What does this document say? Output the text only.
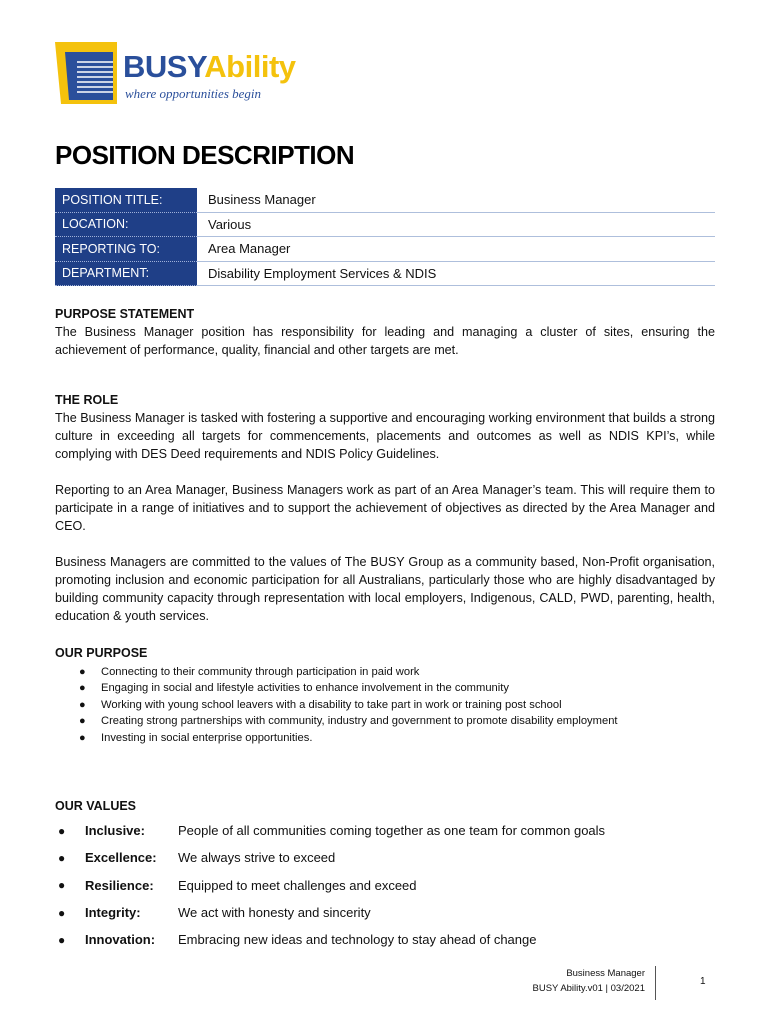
BUSYAbility
where opportunities begin
POSITION DESCRIPTION
POSITION TITLE:	Business Manager
LOCATION:	Various
REPORTING TO:	Area Manager
DEPARTMENT:	Disability Employment Services & NDIS

PURPOSE STATEMENT

The Business Manager position has responsibility for leading and managing a cluster of sites, ensuring the achievement of performance, quality, financial and other targets are met.

THE ROLE

The Business Manager is tasked with fostering a supportive and encouraging working environment that builds a strong culture in exceeding all targets for commencements, placements and outcomes as well as NDIS KPI’s, while complying with DES Deed requirements and NDIS Policy Guidelines.

Reporting to an Area Manager, Business Managers work as part of an Area Manager’s team. This will require them to participate in a range of initiatives and to support the achievement of objectives as directed by the Area Manager and CEO.

Business Managers are committed to the values of The BUSY Group as a community based, Non-Profit organisation, promoting inclusion and economic participation for all Australians, particularly those who are highly disadvantaged by building community capacity through representation with local employers, Indigenous, CALD, PWD, parenting, health, education & youth services.

OUR PURPOSE

● Connecting to their community through participation in paid work
● Engaging in social and lifestyle activities to enhance involvement in the community
● Working with young school leavers with a disability to take part in work or training post school
● Creating strong partnerships with community, industry and government to promote disability employment
● Investing in social enterprise opportunities.

OUR VALUES

●	Inclusive:	People of all communities coming together as one team for common goals
●	Excellence:	We always strive to exceed
●	Resilience:	Equipped to meet challenges and exceed
●	Integrity:	We act with honesty and sincerity
●	Innovation:	Embracing new ideas and technology to stay ahead of change
Business Manager
BUSY Ability.v01 | 03/2021
1
